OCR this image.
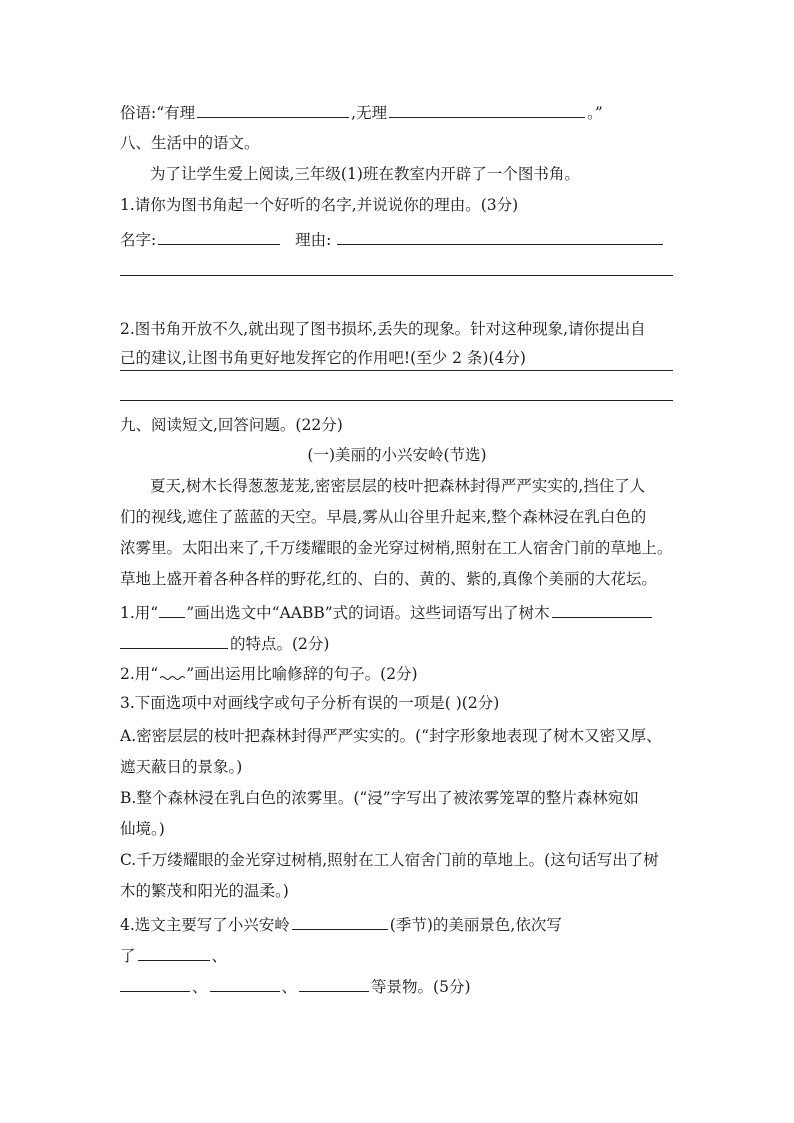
俗语:“有理	,无理	。”
八、生活中的语文。
为了让学生爱上阅读,三年级(1)班在教室内开辟了一个图书角。
1.请你为图书角起一个好听的名字,并说说你的理由。(3分)
名字:	理由:
2.图书角开放不久,就出现了图书损坏,丢失的现象。针对这种现象,请你提出自
己的建议,让图书角更好地发挥它的作用吧!(至少 2 条)(4分)
九、阅读短文,回答问题。(22分)
(一)美丽的小兴安岭(节选)
夏天,树木长得葱葱茏茏,密密层层的枝叶把森林封得严严实实的,挡住了人
们的视线,遮住了蓝蓝的天空。早晨,雾从山谷里升起来,整个森林浸在乳白色的
浓雾里。太阳出来了,千万缕耀眼的金光穿过树梢,照射在工人宿舍门前的草地上。
草地上盛开着各种各样的野花,红的、白的、黄的、紫的,真像个美丽的大花坛。
1.用“ ”画出选文中“AABB”式的词语。这些词语写出了树木
的特点。(2分)
2.用“ ”画出运用比喻修辞的句子。(2分)
3.下面选项中对画线字或句子分析有误的一项是( )(2分)
A.密密层层的枝叶把森林封得严严实实的。(“封字形象地表现了树木又密又厚、
遮天蔽日的景象。)
B.整个森林浸在乳白色的浓雾里。(“浸”字写出了被浓雾笼罩的整片森林宛如
仙境。)
C.千万缕耀眼的金光穿过树梢,照射在工人宿舍门前的草地上。(这句话写出了树
木的繁茂和阳光的温柔。)
4.选文主要写了小兴安岭	(季节)的美丽景色,依次写
了	、
、	、	等景物。(5分)
